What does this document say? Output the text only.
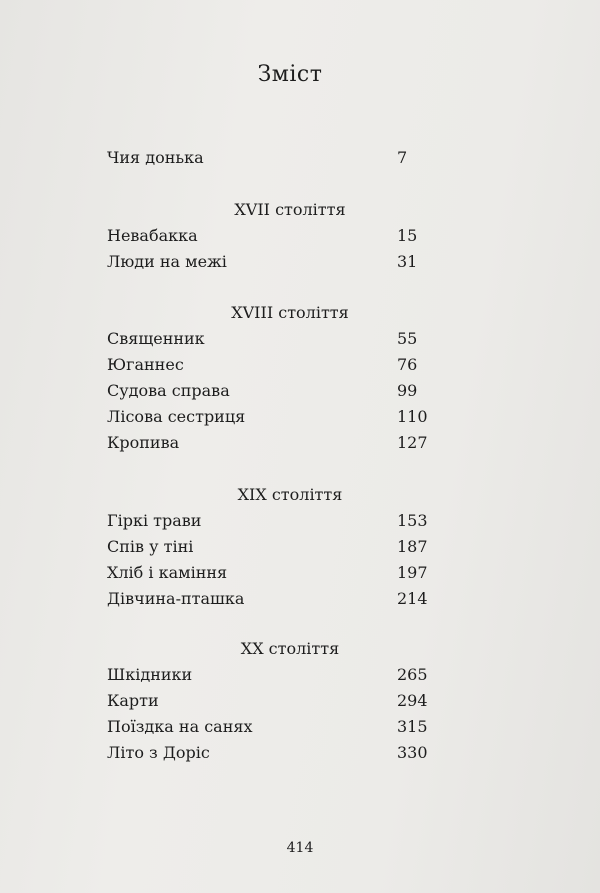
Зміст
Чия донька	7
XVII століття
Невабакка	15
Люди на межі	31
XVIII століття
Священник	55
Юганнес	76
Судова справа	99
Лісова сестриця	110
Кропива	127
XIX століття
Гіркі трави	153
Спів у тіні	187
Хліб і каміння	197
Дівчина-пташка	214
XX століття
Шкідники	265
Карти	294
Поїздка на санях	315
Літо з Доріс	330
414
